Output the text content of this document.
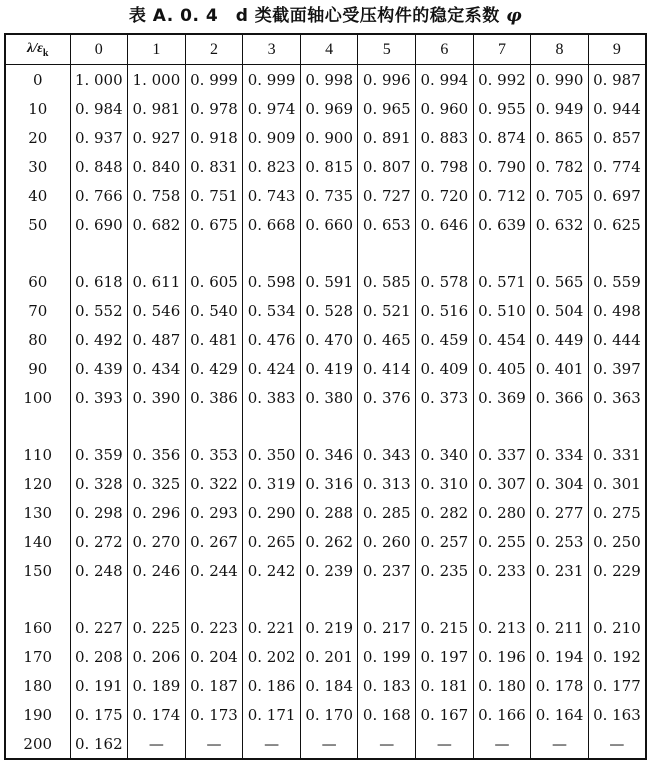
表 A. 0. 4　d 类截面轴心受压构件的稳定系数 φ
$\lambda/\varepsilon_k$	0	1	2	3	4	5	6	7	8	9
0	1. 000	1. 000	0. 999	0. 999	0. 998	0. 996	0. 994	0. 992	0. 990	0. 987
10	0. 984	0. 981	0. 978	0. 974	0. 969	0. 965	0. 960	0. 955	0. 949	0. 944
20	0. 937	0. 927	0. 918	0. 909	0. 900	0. 891	0. 883	0. 874	0. 865	0. 857
30	0. 848	0. 840	0. 831	0. 823	0. 815	0. 807	0. 798	0. 790	0. 782	0. 774
40	0. 766	0. 758	0. 751	0. 743	0. 735	0. 727	0. 720	0. 712	0. 705	0. 697
50	0. 690	0. 682	0. 675	0. 668	0. 660	0. 653	0. 646	0. 639	0. 632	0. 625

60	0. 618	0. 611	0. 605	0. 598	0. 591	0. 585	0. 578	0. 571	0. 565	0. 559
70	0. 552	0. 546	0. 540	0. 534	0. 528	0. 521	0. 516	0. 510	0. 504	0. 498
80	0. 492	0. 487	0. 481	0. 476	0. 470	0. 465	0. 459	0. 454	0. 449	0. 444
90	0. 439	0. 434	0. 429	0. 424	0. 419	0. 414	0. 409	0. 405	0. 401	0. 397
100	0. 393	0. 390	0. 386	0. 383	0. 380	0. 376	0. 373	0. 369	0. 366	0. 363

110	0. 359	0. 356	0. 353	0. 350	0. 346	0. 343	0. 340	0. 337	0. 334	0. 331
120	0. 328	0. 325	0. 322	0. 319	0. 316	0. 313	0. 310	0. 307	0. 304	0. 301
130	0. 298	0. 296	0. 293	0. 290	0. 288	0. 285	0. 282	0. 280	0. 277	0. 275
140	0. 272	0. 270	0. 267	0. 265	0. 262	0. 260	0. 257	0. 255	0. 253	0. 250
150	0. 248	0. 246	0. 244	0. 242	0. 239	0. 237	0. 235	0. 233	0. 231	0. 229

160	0. 227	0. 225	0. 223	0. 221	0. 219	0. 217	0. 215	0. 213	0. 211	0. 210
170	0. 208	0. 206	0. 204	0. 202	0. 201	0. 199	0. 197	0. 196	0. 194	0. 192
180	0. 191	0. 189	0. 187	0. 186	0. 184	0. 183	0. 181	0. 180	0. 178	0. 177
190	0. 175	0. 174	0. 173	0. 171	0. 170	0. 168	0. 167	0. 166	0. 164	0. 163
200	0. 162	—	—	—	—	—	—	—	—	—
